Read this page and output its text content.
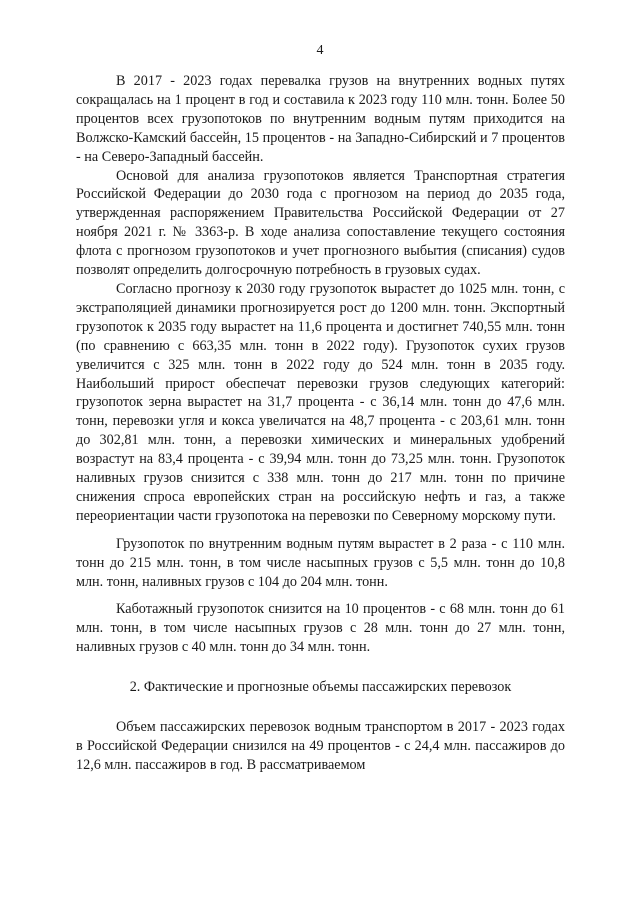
4

В 2017 - 2023 годах перевалка грузов на внутренних водных путях сокращалась на 1 процент в год и составила к 2023 году 110 млн. тонн. Более 50 процентов всех грузопотоков по внутренним водным путям приходится на Волжско-Камский бассейн, 15 процентов - на Западно-Сибирский и 7 процентов - на Северо-Западный бассейн.

Основой для анализа грузопотоков является Транспортная стратегия Российской Федерации до 2030 года с прогнозом на период до 2035 года, утвержденная распоряжением Правительства Российской Федерации от 27 ноября 2021 г. № 3363-р. В ходе анализа сопоставление текущего состояния флота с прогнозом грузопотоков и учет прогнозного выбытия (списания) судов позволят определить долгосрочную потребность в грузовых судах.

Согласно прогнозу к 2030 году грузопоток вырастет до 1025 млн. тонн, с экстраполяцией динамики прогнозируется рост до 1200 млн. тонн. Экспортный грузопоток к 2035 году вырастет на 11,6 процента и достигнет 740,55 млн. тонн (по сравнению с 663,35 млн. тонн в 2022 году). Грузопоток сухих грузов увеличится с 325 млн. тонн в 2022 году до 524 млн. тонн в 2035 году. Наибольший прирост обеспечат перевозки грузов следующих категорий: грузопоток зерна вырастет на 31,7 процента - с 36,14 млн. тонн до 47,6 млн. тонн, перевозки угля и кокса увеличатся на 48,7 процента - с 203,61 млн. тонн до 302,81 млн. тонн, а перевозки химических и минеральных удобрений возрастут на 83,4 процента - с 39,94 млн. тонн до 73,25 млн. тонн. Грузопоток наливных грузов снизится с 338 млн. тонн до 217 млн. тонн по причине снижения спроса европейских стран на российскую нефть и газ, а также переориентации части грузопотока на перевозки по Северному морскому пути.

Грузопоток по внутренним водным путям вырастет в 2 раза - с 110 млн. тонн до 215 млн. тонн, в том числе насыпных грузов с 5,5 млн. тонн до 10,8 млн. тонн, наливных грузов с 104 до 204 млн. тонн.

Каботажный грузопоток снизится на 10 процентов - с 68 млн. тонн до 61 млн. тонн, в том числе насыпных грузов с 28 млн. тонн до 27 млн. тонн, наливных грузов с 40 млн. тонн до 34 млн. тонн.

2. Фактические и прогнозные объемы пассажирских перевозок

Объем пассажирских перевозок водным транспортом в 2017 - 2023 годах в Российской Федерации снизился на 49 процентов - с 24,4 млн. пассажиров до 12,6 млн. пассажиров в год. В рассматриваемом
